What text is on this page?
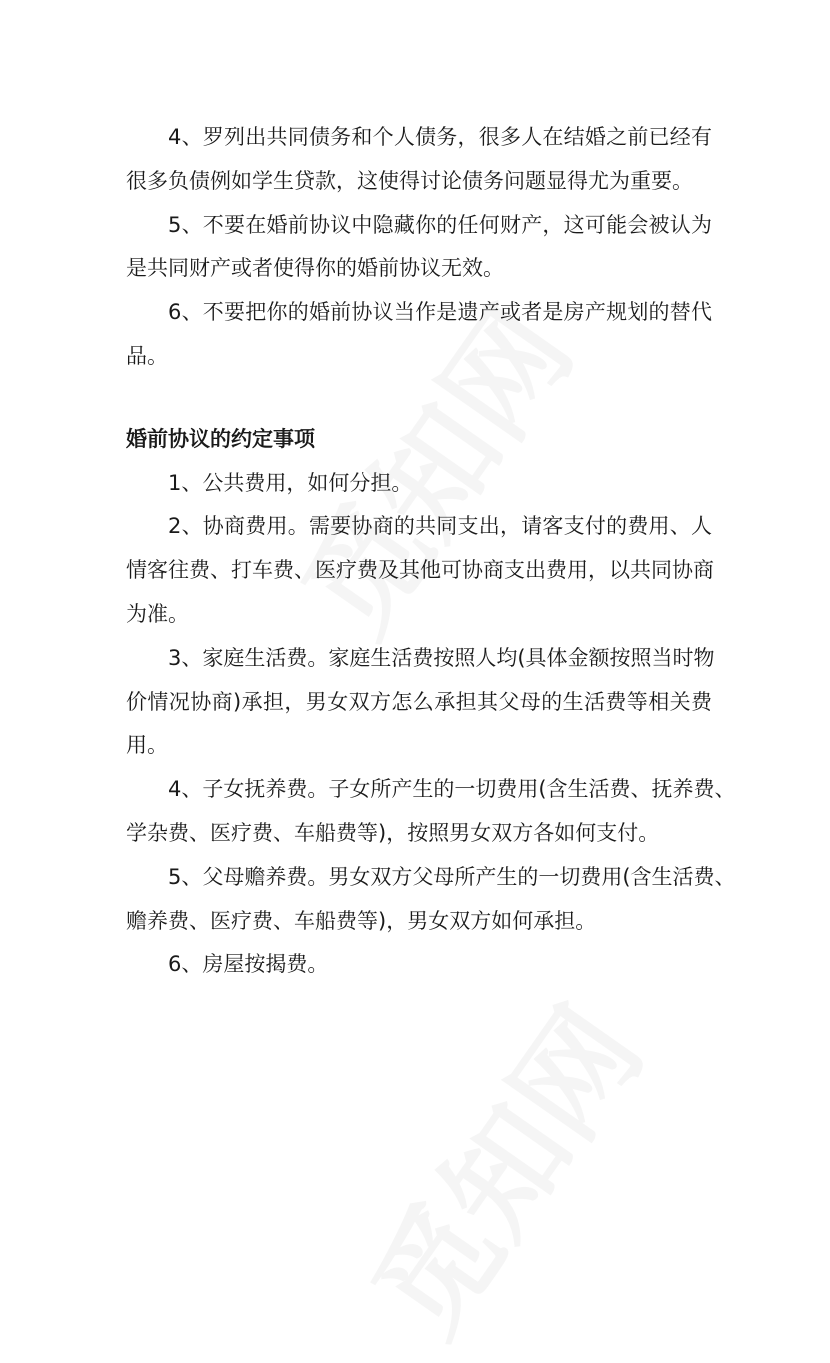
4、罗列出共同债务和个人债务，很多人在结婚之前已经有
很多负债例如学生贷款，这使得讨论债务问题显得尤为重要。
5、不要在婚前协议中隐藏你的任何财产，这可能会被认为
是共同财产或者使得你的婚前协议无效。
6、不要把你的婚前协议当作是遗产或者是房产规划的替代
品。
婚前协议的约定事项
1、公共费用，如何分担。
2、协商费用。需要协商的共同支出，请客支付的费用、人
情客往费、打车费、医疗费及其他可协商支出费用，以共同协商
为准。
3、家庭生活费。家庭生活费按照人均(具体金额按照当时物
价情况协商)承担，男女双方怎么承担其父母的生活费等相关费
用。
4、子女抚养费。子女所产生的一切费用(含生活费、抚养费、
学杂费、医疗费、车船费等)，按照男女双方各如何支付。
5、父母赡养费。男女双方父母所产生的一切费用(含生活费、
赡养费、医疗费、车船费等)，男女双方如何承担。
6、房屋按揭费。
